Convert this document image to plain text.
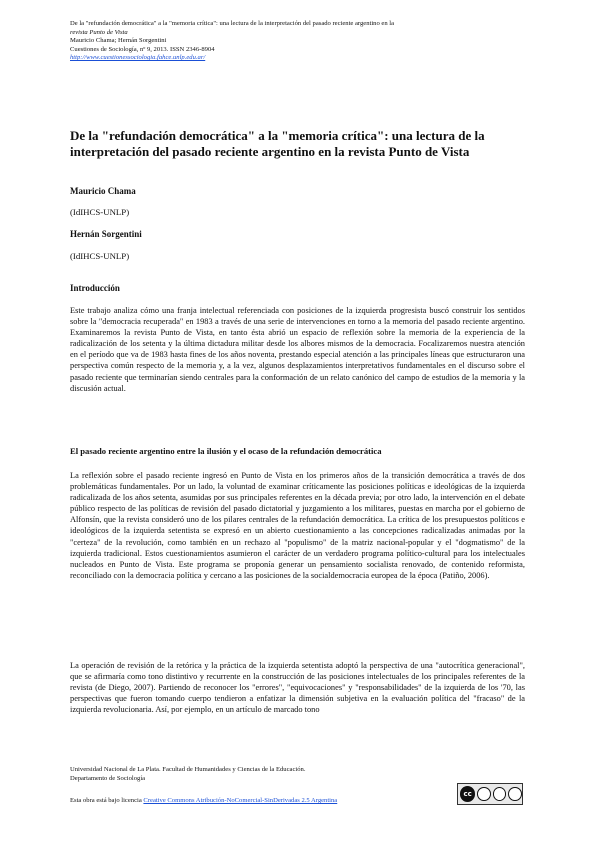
De la "refundación democrática" a la "memoria crítica": una lectura de la interpretación del pasado reciente argentino en la
revista Punto de Vista
Mauricio Chama; Hernán Sorgentini
Cuestiones de Sociología, nº 9, 2013. ISSN 2346-8904
http://www.cuestionessociologia.fahce.unlp.edu.ar/
De la "refundación democrática" a la "memoria crítica": una lectura de la interpretación del pasado reciente argentino en la revista Punto de Vista
Mauricio Chama
(IdIHCS-UNLP)
Hernán Sorgentini
(IdIHCS-UNLP)
Introducción
Este trabajo analiza cómo una franja intelectual referenciada con posiciones de la izquierda progresista buscó construir los sentidos sobre la "democracia recuperada" en 1983 a través de una serie de intervenciones en torno a la memoria del pasado reciente argentino. Examinaremos la revista Punto de Vista, en tanto ésta abrió un espacio de reflexión sobre la memoria de la experiencia de la radicalización de los setenta y la última dictadura militar desde los albores mismos de la democracia. Focalizaremos nuestra atención en el período que va de 1983 hasta fines de los años noventa, prestando especial atención a las principales líneas que estructuraron una perspectiva común respecto de la memoria y, a la vez, algunos desplazamientos interpretativos fundamentales en el discurso sobre el pasado reciente que terminarían siendo centrales para la conformación de un relato canónico del campo de estudios de la memoria y la discusión actual.
El pasado reciente argentino entre la ilusión y el ocaso de la refundación democrática
La reflexión sobre el pasado reciente ingresó en Punto de Vista en los primeros años de la transición democrática a través de dos problemáticas fundamentales. Por un lado, la voluntad de examinar críticamente las posiciones políticas e ideológicas de la izquierda radicalizada de los años setenta, asumidas por sus principales referentes en la década previa; por otro lado, la intervención en el debate público respecto de las políticas de revisión del pasado dictatorial y juzgamiento a los militares, puestas en marcha por el gobierno de Alfonsín, que la revista consideró uno de los pilares centrales de la refundación democrática. La crítica de los presupuestos políticos e ideológicos de la izquierda setentista se expresó en un abierto cuestionamiento a las concepciones radicalizadas animadas por la "certeza" de la revolución, como también en un rechazo al "populismo" de la matriz nacional-popular y el "dogmatismo" de la izquierda tradicional. Estos cuestionamientos asumieron el carácter de un verdadero programa político-cultural para los intelectuales nucleados en Punto de Vista. Este programa se proponía generar un pensamiento socialista renovado, de contenido reformista, reconciliado con la democracia política y cercano a las posiciones de la socialdemocracia europea de la época (Patiño, 2006).
La operación de revisión de la retórica y la práctica de la izquierda setentista adoptó la perspectiva de una "autocrítica generacional", que se afirmaría como tono distintivo y recurrente en la construcción de las posiciones intelectuales de los principales referentes de la revista (de Diego, 2007). Partiendo de reconocer los "errores", "equivocaciones" y "responsabilidades" de la izquierda de los '70, las perspectivas que fueron tomando cuerpo tendieron a enfatizar la dimensión subjetiva en la evaluación política del "fracaso" de la izquierda revolucionaria. Así, por ejemplo, en un artículo de marcado tono
Universidad Nacional de La Plata. Facultad de Humanidades y Ciencias de la Educación.
Departamento de Sociología
Esta obra está bajo licencia Creative Commons Atribución-NoComercial-SinDerivadas 2.5 Argentina
cc
